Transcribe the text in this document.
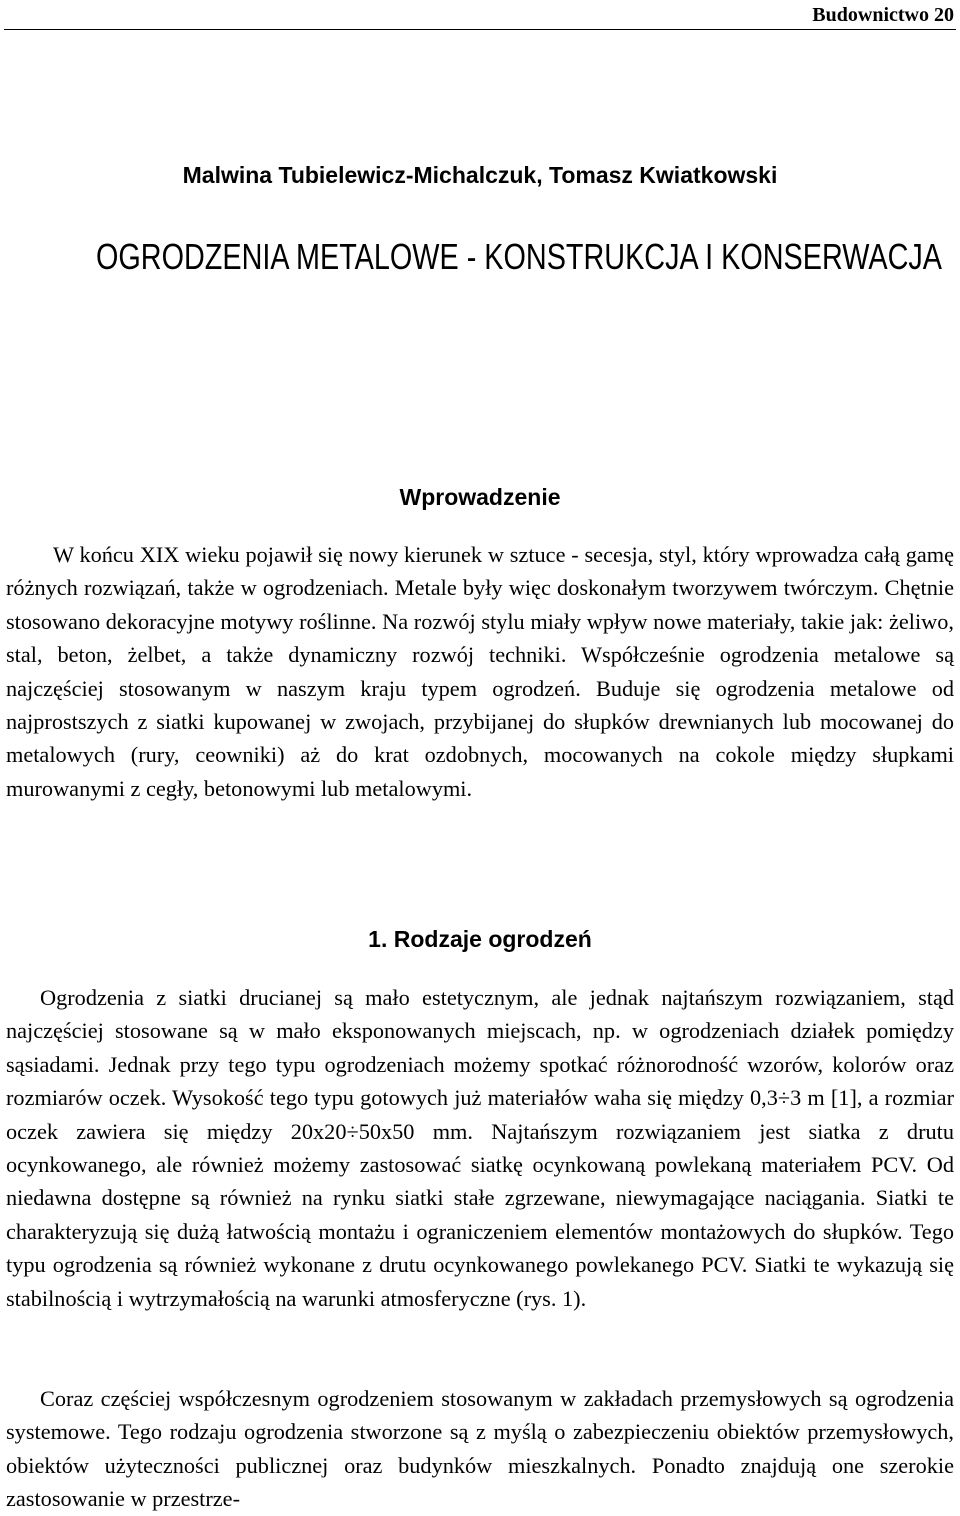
Budownictwo 20
Malwina Tubielewicz-Michalczuk, Tomasz Kwiatkowski
OGRODZENIA METALOWE - KONSTRUKCJA I KONSERWACJA
Wprowadzenie

W końcu XIX wieku pojawił się nowy kierunek w sztuce - secesja, styl, który wprowadza całą gamę różnych rozwiązań, także w ogrodzeniach. Metale były więc doskonałym tworzywem twórczym. Chętnie stosowano dekoracyjne motywy roślinne. Na rozwój stylu miały wpływ nowe materiały, takie jak: żeliwo, stal, beton, żelbet, a także dynamiczny rozwój techniki. Współcześnie ogrodzenia metalowe są najczęściej stosowanym w naszym kraju typem ogrodzeń. Buduje się ogrodzenia metalowe od najprostszych z siatki kupowanej w zwojach, przybijanej do słupków drewnianych lub mocowanej do metalowych (rury, ceowniki) aż do krat ozdobnych, mocowanych na cokole między słupkami murowanymi z cegły, betonowymi lub metalowymi.

1. Rodzaje ogrodzeń

Ogrodzenia z siatki drucianej są mało estetycznym, ale jednak najtańszym rozwiązaniem, stąd najczęściej stosowane są w mało eksponowanych miejscach, np. w ogrodzeniach działek pomiędzy sąsiadami. Jednak przy tego typu ogrodzeniach możemy spotkać różnorodność wzorów, kolorów oraz rozmiarów oczek. Wysokość tego typu gotowych już materiałów waha się między 0,3÷3 m [1], a rozmiar oczek zawiera się między 20x20÷50x50 mm. Najtańszym rozwiązaniem jest siatka z drutu ocynkowanego, ale również możemy zastosować siatkę ocynkowaną powlekaną materiałem PCV. Od niedawna dostępne są również na rynku siatki stałe zgrzewane, niewymagające naciągania. Siatki te charakteryzują się dużą łatwością montażu i ograniczeniem elementów montażowych do słupków. Tego typu ogrodzenia są również wykonane z drutu ocynkowanego powlekanego PCV. Siatki te wykazują się stabilnością i wytrzymałością na warunki atmosferyczne (rys. 1).

Coraz częściej współczesnym ogrodzeniem stosowanym w zakładach przemysłowych są ogrodzenia systemowe. Tego rodzaju ogrodzenia stworzone są z myślą o zabezpieczeniu obiektów przemysłowych, obiektów użyteczności publicznej oraz budynków mieszkalnych. Ponadto znajdują one szerokie zastosowanie w przestrze-
